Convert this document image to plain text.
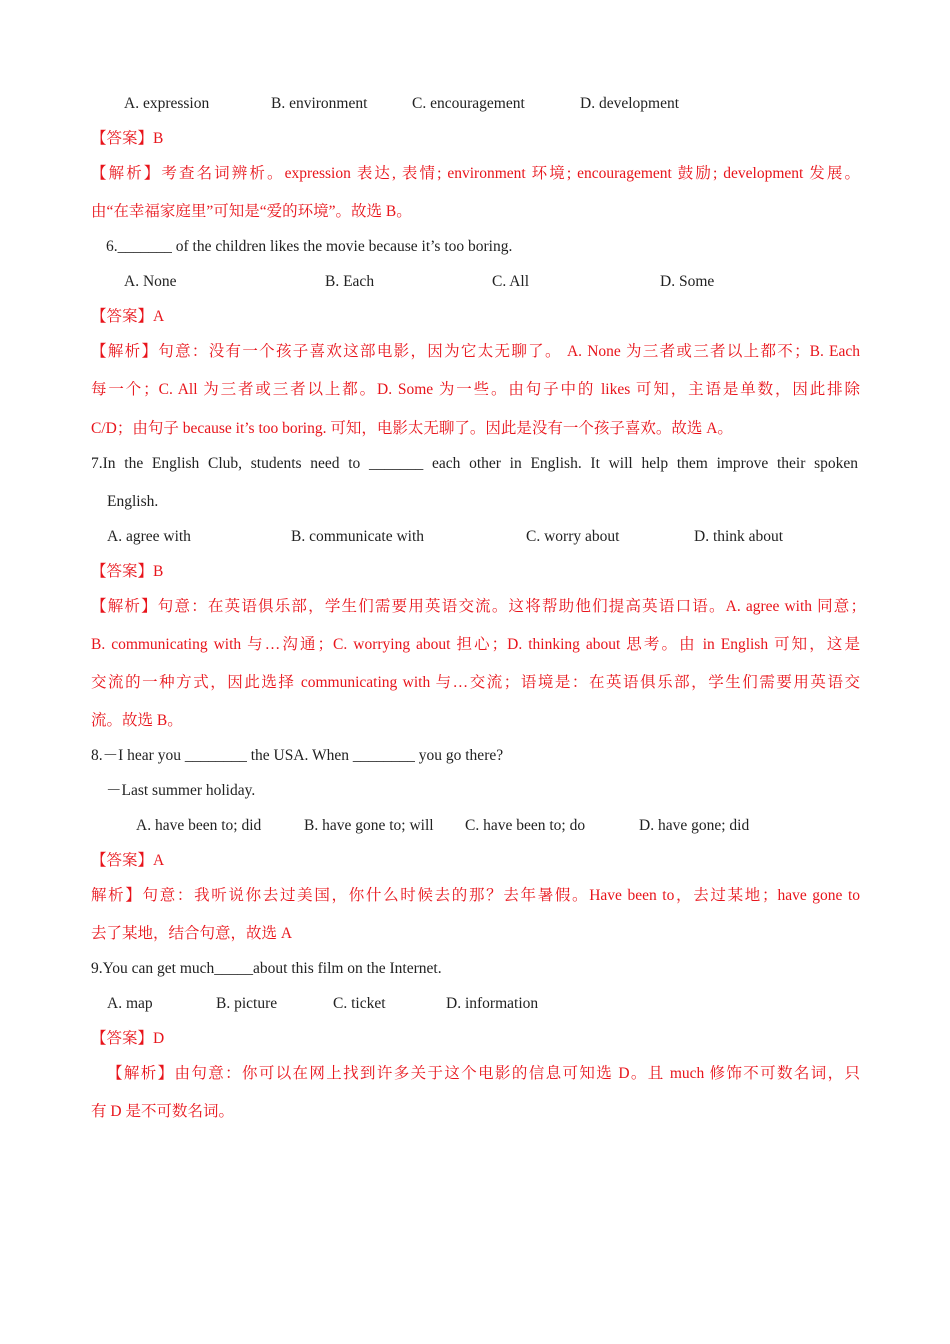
A. expression	B. environment	C. encouragement	D. development
【答案】B
【解析】考查名词辨析。expression 表达, 表情; environment 环境; encouragement 鼓励; development 发展。
由“在幸福家庭里”可知是“爱的环境”。故选 B。
6._______ of the children likes the movie because it’s too boring.
A. None	B. Each	C. All	D. Some
【答案】A
【解析】句意：没有一个孩子喜欢这部电影，因为它太无聊了。 A. None 为三者或三者以上都不；B. Each
每一个；C. All 为三者或三者以上都。D. Some 为一些。由句子中的 likes 可知，主语是单数，因此排除
C/D；由句子 because it’s too boring. 可知，电影太无聊了。因此是没有一个孩子喜欢。故选 A。
7.In the English Club, students need to _______ each other in English. It will help them improve their spoken
English.
A. agree with	B. communicate with	C. worry about	D. think about
【答案】B
【解析】句意：在英语俱乐部，学生们需要用英语交流。这将帮助他们提高英语口语。A. agree with 同意；
B. communicating with 与…沟通；C. worrying about 担心；D. thinking about 思考。由 in English 可知，这是
交流的一种方式，因此选择 communicating with 与…交流；语境是：在英语俱乐部，学生们需要用英语交
流。故选 B。
8.－I hear you ________ the USA. When ________ you go there?
－Last summer holiday.
A. have been to; did	B. have gone to; will C. have been to; do	D. have gone; did
【答案】A
解析】句意：我听说你去过美国，你什么时候去的那？去年暑假。Have been to，去过某地；have gone to
去了某地，结合句意，故选 A
9.You can get much_____about this film on the Internet.
A. map	B. picture	C. ticket	D. information
【答案】D
【解析】由句意：你可以在网上找到许多关于这个电影的信息可知选 D。且 much 修饰不可数名词，只
有 D 是不可数名词。
